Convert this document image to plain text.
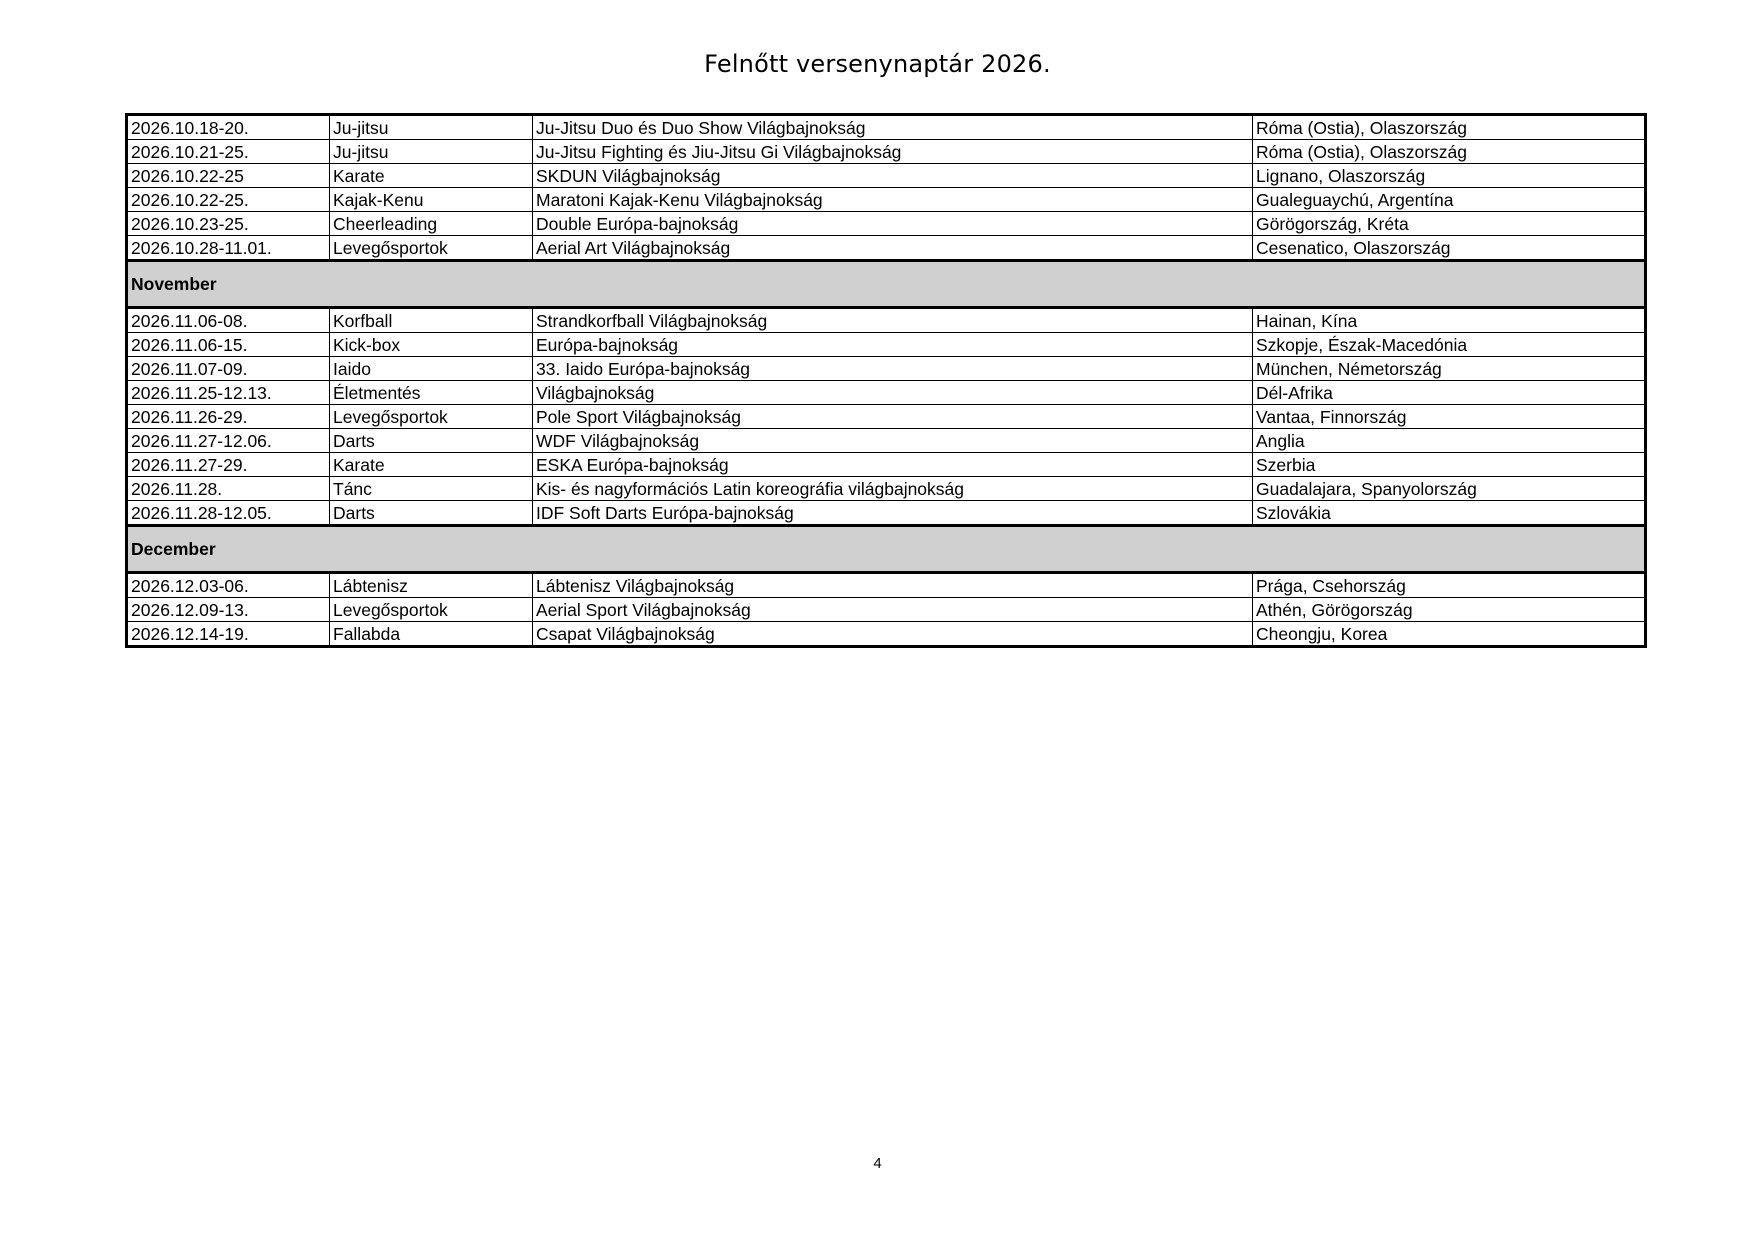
Felnőtt versenynaptár 2026.
2026.10.18-20.	Ju-jitsu	Ju-Jitsu Duo és Duo Show Világbajnokság	Róma (Ostia), Olaszország
2026.10.21-25.	Ju-jitsu	Ju-Jitsu Fighting és Jiu-Jitsu Gi Világbajnokság	Róma (Ostia), Olaszország
2026.10.22-25	Karate	SKDUN Világbajnokság	Lignano, Olaszország
2026.10.22-25.	Kajak-Kenu	Maratoni Kajak-Kenu Világbajnokság	Gualeguaychú, Argentína
2026.10.23-25.	Cheerleading	Double Európa-bajnokság	Görögország, Kréta
2026.10.28-11.01.	Levegősportok	Aerial Art Világbajnokság	Cesenatico, Olaszország
November			
2026.11.06-08.	Korfball	Strandkorfball Világbajnokság	Hainan, Kína
2026.11.06-15.	Kick-box	Európa-bajnokság	Szkopje, Észak-Macedónia
2026.11.07-09.	Iaido	33. Iaido Európa-bajnokság	München, Németország
2026.11.25-12.13.	Életmentés	Világbajnokság	Dél-Afrika
2026.11.26-29.	Levegősportok	Pole Sport Világbajnokság	Vantaa, Finnország
2026.11.27-12.06.	Darts	WDF Világbajnokság	Anglia
2026.11.27-29.	Karate	ESKA Európa-bajnokság	Szerbia
2026.11.28.	Tánc	Kis- és nagyformációs Latin koreográfia világbajnokság	Guadalajara, Spanyolország
2026.11.28-12.05.	Darts	IDF Soft Darts Európa-bajnokság	Szlovákia
December			
2026.12.03-06.	Lábtenisz	Lábtenisz Világbajnokság	Prága, Csehország
2026.12.09-13.	Levegősportok	Aerial Sport Világbajnokság	Athén, Görögország
2026.12.14-19.	Fallabda	Csapat Világbajnokság	Cheongju, Korea
4
